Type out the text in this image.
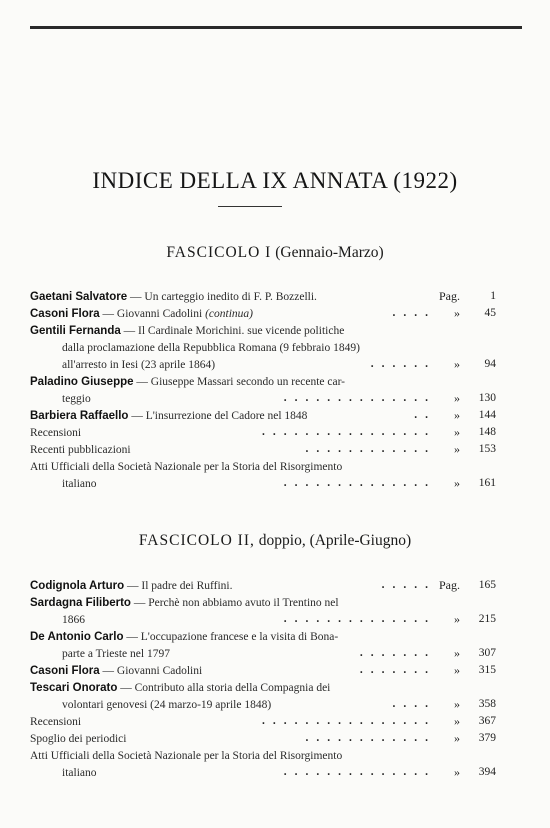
INDICE DELLA IX ANNATA (1922)
FASCICOLO I (Gennaio-Marzo)
Gaetani Salvatore — Un carteggio inedito di F. P. Bozzelli.	Pag.	1
Casoni Flora — Giovanni Cadolini (continua)	.... »	45
Gentili Fernanda — Il Cardinale Morichini. sue vicende politiche
dalla proclamazione della Repubblica Romana (9 febbraio 1849)
all'arresto in Iesi (23 aprile 1864)	...... »	94
Paladino Giuseppe — Giuseppe Massari secondo un recente car-
teggio	.............. »	130
Barbiera Raffaello — L'insurrezione del Cadore nel 1848	.. »	144
Recensioni	................ »	148
Recenti pubblicazioni	............ »	153
Atti Ufficiali della Società Nazionale per la Storia del Risorgimento
italiano	.............. »	161
FASCICOLO II, doppio, (Aprile-Giugno)
Codignola Arturo — Il padre dei Ruffini.	..... Pag.	165
Sardagna Filiberto — Perchè non abbiamo avuto il Trentino nel
1866	.............. »	215
De Antonio Carlo — L'occupazione francese e la visita di Bona-
parte a Trieste nel 1797	....... »	307
Casoni Flora — Giovanni Cadolini	....... »	315
Tescari Onorato — Contributo alla storia della Compagnia dei
volontari genovesi (24 marzo-19 aprile 1848)	.... »	358
Recensioni	................ »	367
Spoglio dei periodici	............ »	379
Atti Ufficiali della Società Nazionale per la Storia del Risorgimento
italiano	.............. »	394
